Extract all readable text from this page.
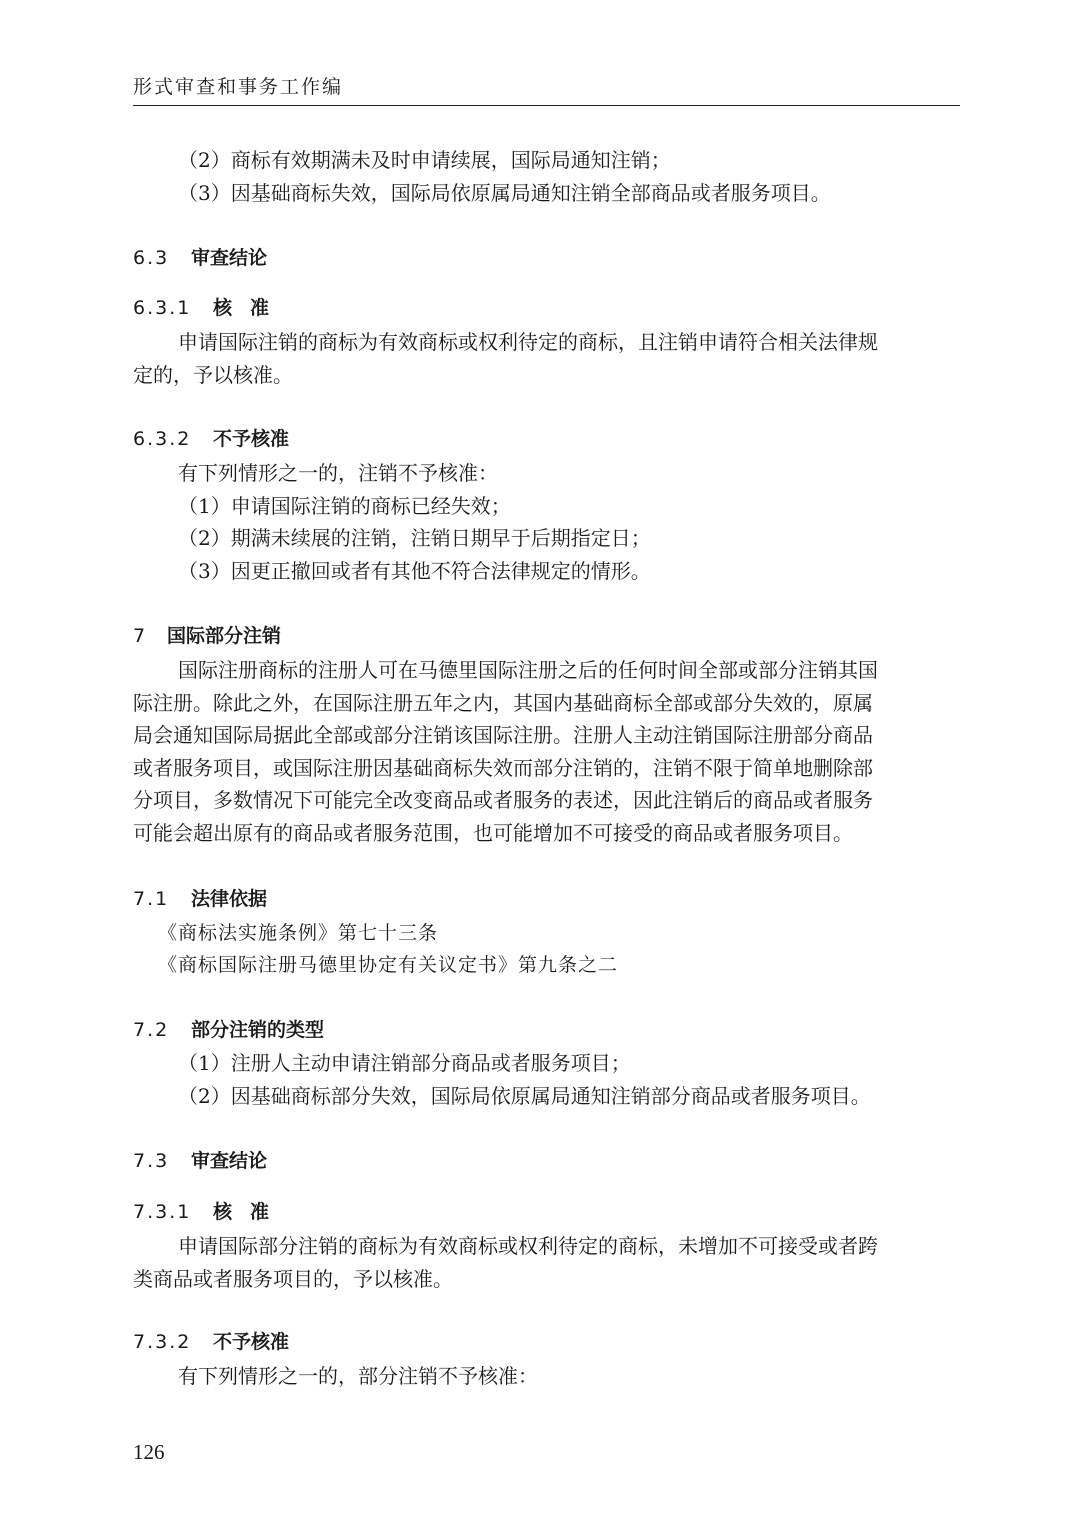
形式审查和事务工作编
（2）商标有效期满未及时申请续展，国际局通知注销；
（3）因基础商标失效，国际局依原属局通知注销全部商品或者服务项目。
6.3 审查结论
6.3.1 核准
申请国际注销的商标为有效商标或权利待定的商标，且注销申请符合相关法律规
定的，予以核准。
6.3.2 不予核准
有下列情形之一的，注销不予核准：
（1）申请国际注销的商标已经失效；
（2）期满未续展的注销，注销日期早于后期指定日；
（3）因更正撤回或者有其他不符合法律规定的情形。
7 国际部分注销
国际注册商标的注册人可在马德里国际注册之后的任何时间全部或部分注销其国
际注册。除此之外，在国际注册五年之内，其国内基础商标全部或部分失效的，原属
局会通知国际局据此全部或部分注销该国际注册。注册人主动注销国际注册部分商品
或者服务项目，或国际注册因基础商标失效而部分注销的，注销不限于简单地删除部
分项目，多数情况下可能完全改变商品或者服务的表述，因此注销后的商品或者服务
可能会超出原有的商品或者服务范围，也可能增加不可接受的商品或者服务项目。
7.1 法律依据
《商标法实施条例》第七十三条
《商标国际注册马德里协定有关议定书》第九条之二
7.2 部分注销的类型
（1）注册人主动申请注销部分商品或者服务项目；
（2）因基础商标部分失效，国际局依原属局通知注销部分商品或者服务项目。
7.3 审查结论
7.3.1 核准
申请国际部分注销的商标为有效商标或权利待定的商标，未增加不可接受或者跨
类商品或者服务项目的，予以核准。
7.3.2 不予核准
有下列情形之一的，部分注销不予核准：
126
